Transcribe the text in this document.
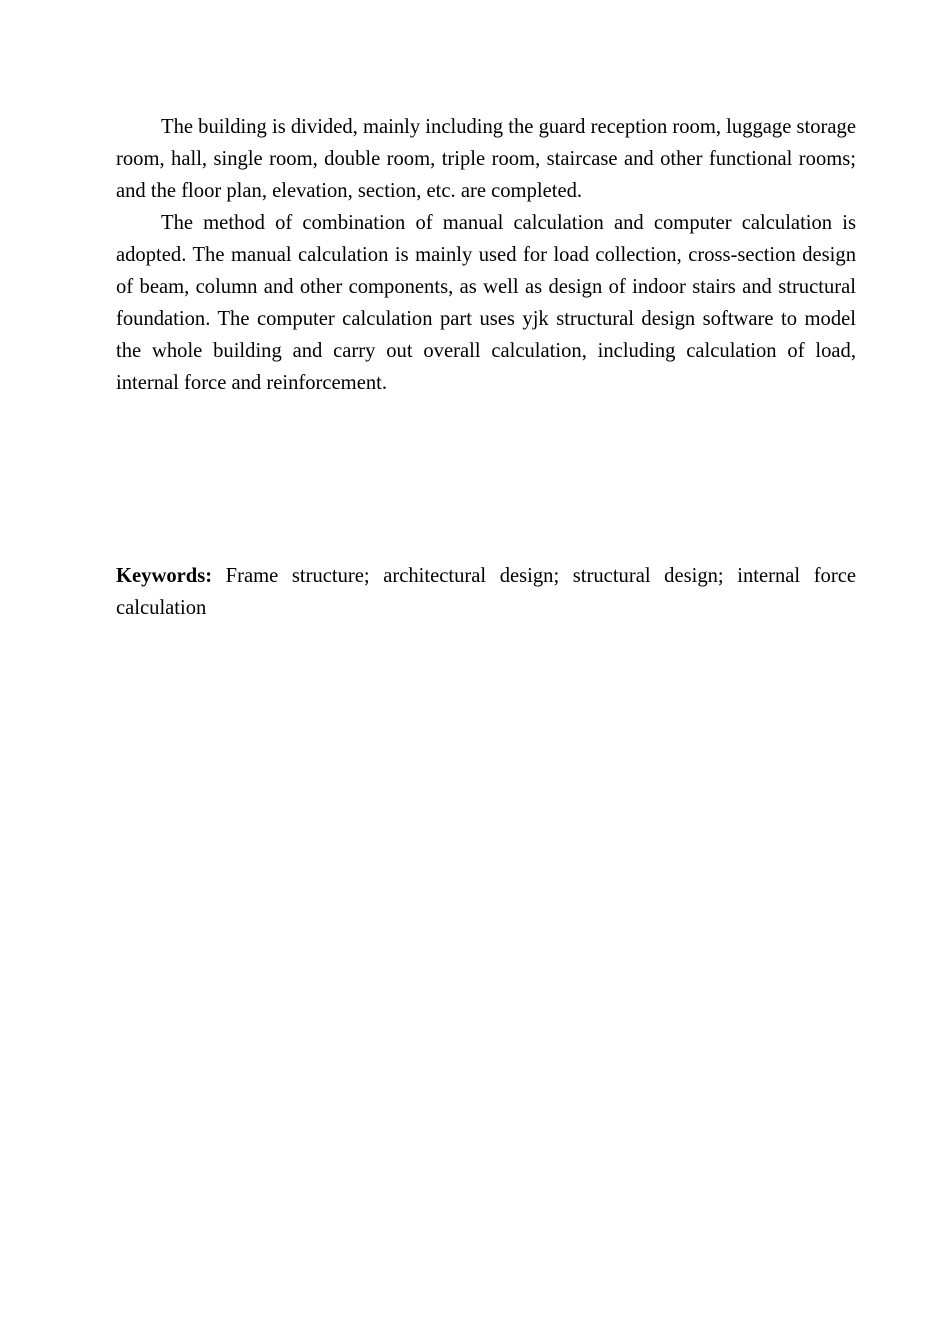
The building is divided, mainly including the guard reception room, luggage storage room, hall, single room, double room, triple room, staircase and other functional rooms; and the floor plan, elevation, section, etc. are completed.

The method of combination of manual calculation and computer calculation is adopted. The manual calculation is mainly used for load collection, cross-section design of beam, column and other components, as well as design of indoor stairs and structural foundation. The computer calculation part uses yjk structural design software to model the whole building and carry out overall calculation, including calculation of load, internal force and reinforcement.

Keywords: Frame structure; architectural design; structural design; internal force calculation
